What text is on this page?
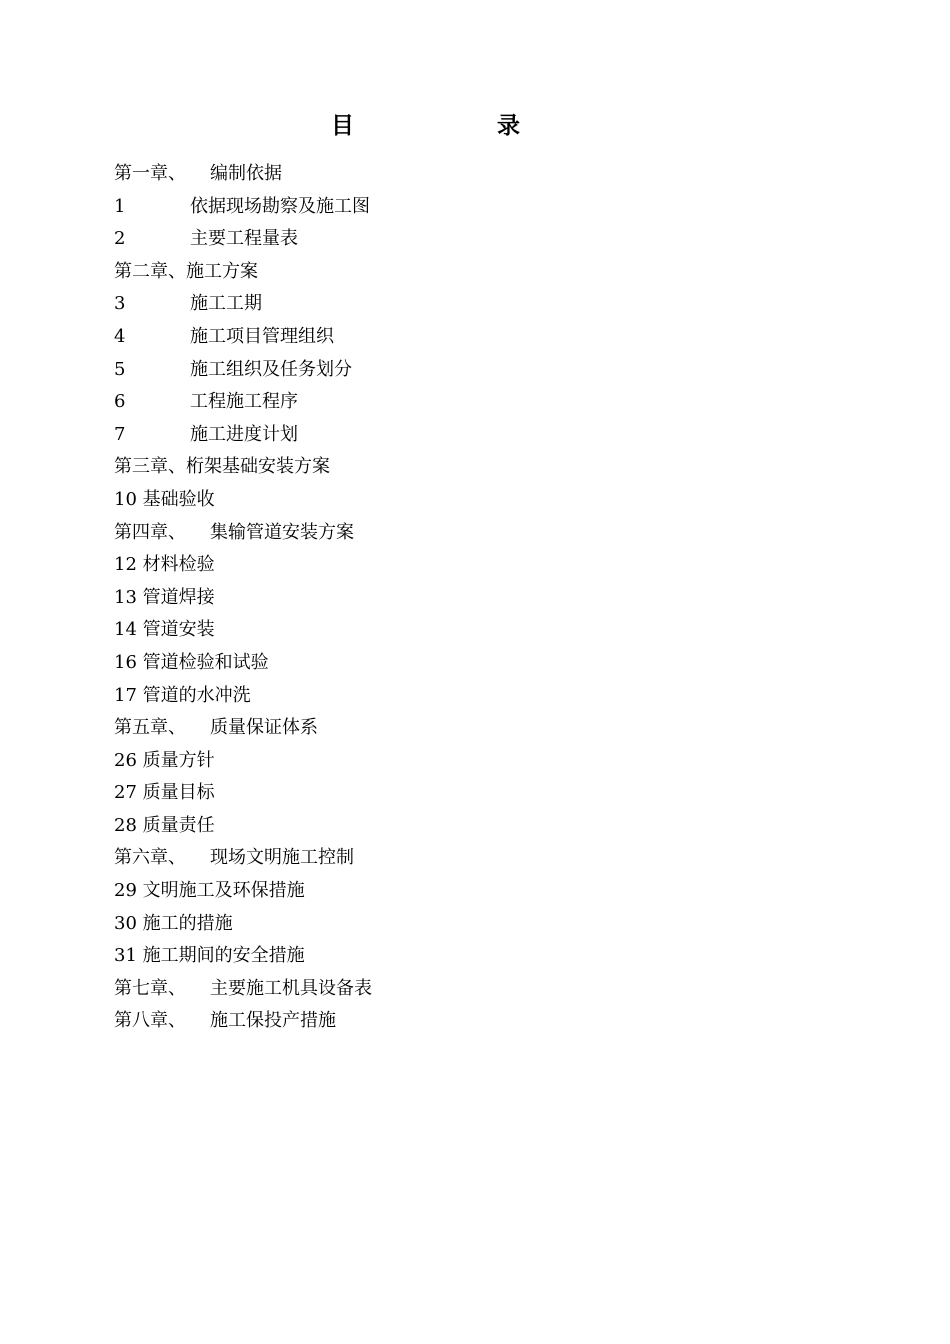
目	录
第一章、 编制依据
1	依据现场勘察及施工图
2	主要工程量表
第二章、施工方案
3	施工工期
4	施工项目管理组织
5	施工组织及任务划分
6	工程施工程序
7	施工进度计划
第三章、桁架基础安装方案
10 基础验收
第四章、 集输管道安装方案
12 材料检验
13 管道焊接
14 管道安装
16 管道检验和试验
17 管道的水冲洗
第五章、 质量保证体系
26 质量方针
27 质量目标
28 质量责任
第六章、 现场文明施工控制
29 文明施工及环保措施
30 施工的措施
31 施工期间的安全措施
第七章、 主要施工机具设备表
第八章、 施工保投产措施
